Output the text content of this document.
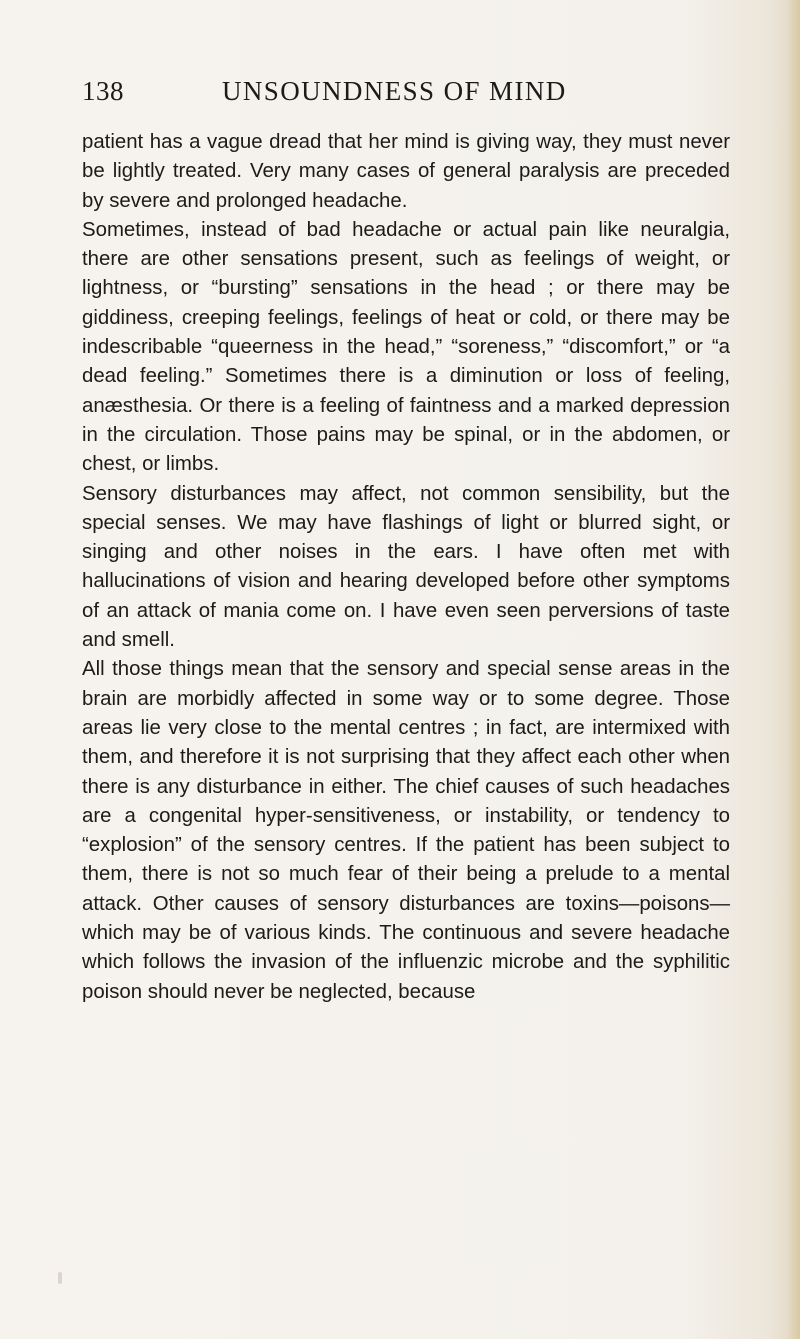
138	UNSOUNDNESS OF MIND

patient has a vague dread that her mind is giving way, they must never be lightly treated. Very many cases of general paralysis are preceded by severe and prolonged headache.

Sometimes, instead of bad headache or actual pain like neuralgia, there are other sensations present, such as feelings of weight, or lightness, or “bursting” sensations in the head ; or there may be giddiness, creeping feelings, feelings of heat or cold, or there may be indescribable “queerness in the head,” “soreness,” “discomfort,” or “a dead feeling.” Sometimes there is a diminution or loss of feeling, anæsthesia. Or there is a feeling of faintness and a marked depression in the circulation. Those pains may be spinal, or in the abdomen, or chest, or limbs.

Sensory disturbances may affect, not common sensibility, but the special senses. We may have flashings of light or blurred sight, or singing and other noises in the ears. I have often met with hallucinations of vision and hearing developed before other symptoms of an attack of mania come on. I have even seen perversions of taste and smell.

All those things mean that the sensory and special sense areas in the brain are morbidly affected in some way or to some degree. Those areas lie very close to the mental centres ; in fact, are intermixed with them, and therefore it is not surprising that they affect each other when there is any disturbance in either. The chief causes of such headaches are a congenital hyper-sensitiveness, or instability, or tendency to “explosion” of the sensory centres. If the patient has been subject to them, there is not so much fear of their being a prelude to a mental attack. Other causes of sensory disturbances are toxins—poisons—which may be of various kinds. The continuous and severe headache which follows the invasion of the influenzic microbe and the syphilitic poison should never be neglected, because
